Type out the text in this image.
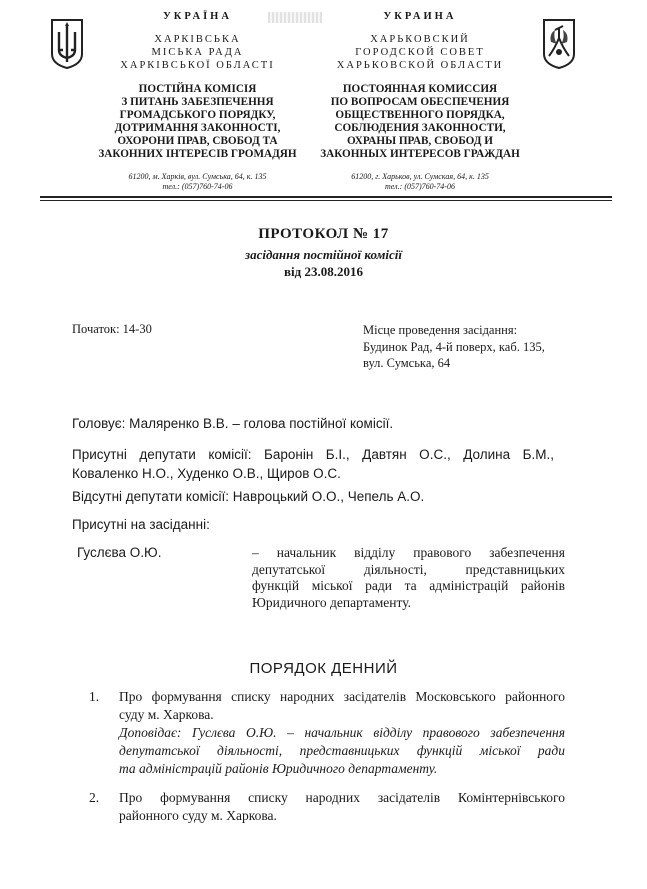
УКРАЇНА
ХАРКІВСЬКА
МІСЬКА РАДА
ХАРКІВСЬКОЇ ОБЛАСТІ
ПОСТІЙНА КОМІСІЯ
З ПИТАНЬ ЗАБЕЗПЕЧЕННЯ
ГРОМАДСЬКОГО ПОРЯДКУ,
ДОТРИМАННЯ ЗАКОННОСТІ,
ОХОРОНИ ПРАВ, СВОБОД ТА
ЗАКОННИХ ІНТЕРЕСІВ ГРОМАДЯН
61200, м. Харків, вул. Сумська, 64, к. 135
тел.: (057)760-74-06
УКРАИНА
ХАРЬКОВСКИЙ
ГОРОДСКОЙ СОВЕТ
ХАРЬКОВСКОЙ ОБЛАСТИ
ПОСТОЯННАЯ КОМИССИЯ
ПО ВОПРОСАМ ОБЕСПЕЧЕНИЯ
ОБЩЕСТВЕННОГО ПОРЯДКА,
СОБЛЮДЕНИЯ ЗАКОННОСТИ,
ОХРАНЫ ПРАВ, СВОБОД И
ЗАКОННЫХ ИНТЕРЕСОВ ГРАЖДАН
61200, г. Харьков, ул. Сумская, 64, к. 135
тел.: (057)760-74-06
ПРОТОКОЛ № 17
засідання постійної комісії
від 23.08.2016
Початок: 14-30	Місце проведення засідання:
Будинок Рад, 4-й поверх, каб. 135,
вул. Сумська, 64
Головує: Маляренко В.В. – голова постійної комісії.
Присутні депутати комісії: Баронін Б.І., Давтян О.С., Долина Б.М.,
Коваленко Н.О., Худенко О.В., Щиров О.С.
Відсутні депутати комісії: Навроцький О.О., Чепель А.О.
Присутні на засіданні:
Гуслєва О.Ю.	– начальник відділу правового забезпечення
депутатської діяльності, представницьких
функцій міської ради та адміністрацій районів
Юридичного департаменту.
ПОРЯДОК ДЕННИЙ
1. Про формування списку народних засідателів Московського районного
суду м. Харкова.
Доповідає: Гуслєва О.Ю. – начальник відділу правового забезпечення
депутатської діяльності, представницьких функцій міської ради
та адміністрацій районів Юридичного департаменту.
2. Про формування списку народних засідателів Комінтернівського
районного суду м. Харкова.
